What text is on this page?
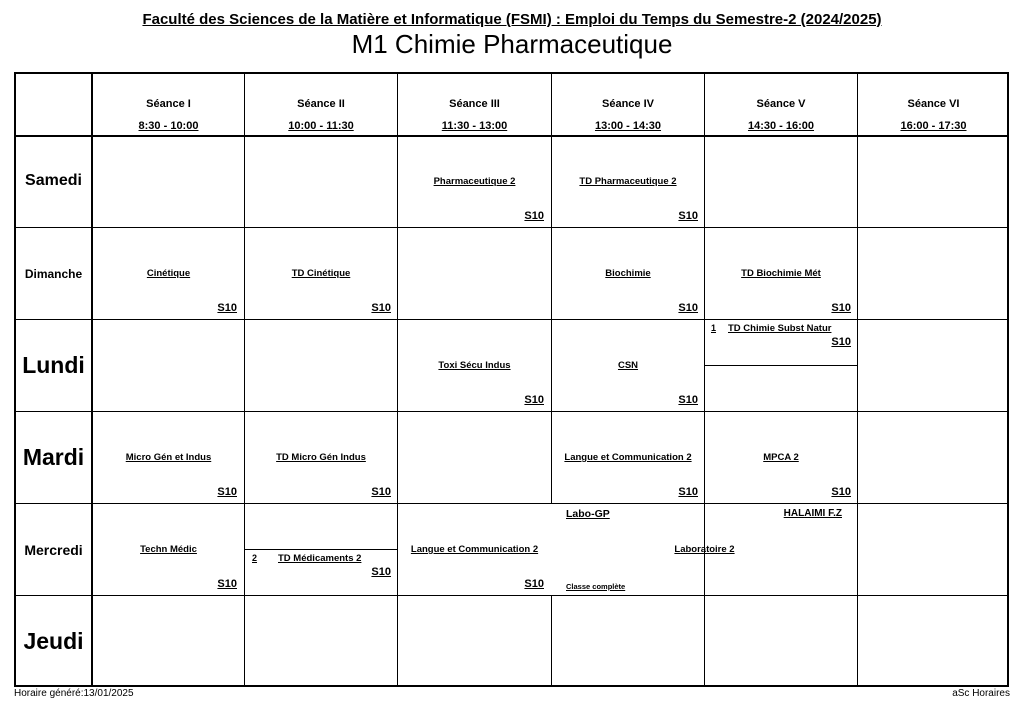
Faculté des Sciences de la Matière et Informatique (FSMI) : Emploi du Temps du Semestre-2 (2024/2025)
M1 Chimie Pharmaceutique
Séance I
8:30 - 10:00
Séance II
10:00 - 11:30
Séance III
11:30 - 13:00
Séance IV
13:00 - 14:30
Séance V
14:30 - 16:00
Séance VI
16:00 - 17:30
Samedi
Dimanche
Lundi
Mardi
Mercredi
Jeudi
Pharmaceutique 2
S10
TD Pharmaceutique 2
S10
Cinétique
S10
TD Cinétique
S10
Biochimie
S10
TD Biochimie Mét
S10
Toxi Sécu Indus
S10
CSN
S10
1 TD Chimie Subst Natur
S10
Micro Gén et Indus
S10
TD Micro Gén Indus
S10
Langue et Communication 2
S10
MPCA 2
S10
Techn Médic
S10
2 TD Médicaments 2
S10
Langue et Communication 2
S10
Labo-GP	HALAIMI F.Z
Laboratoire 2
Classe complète
Horaire généré:13/01/2025	aSc Horaires
